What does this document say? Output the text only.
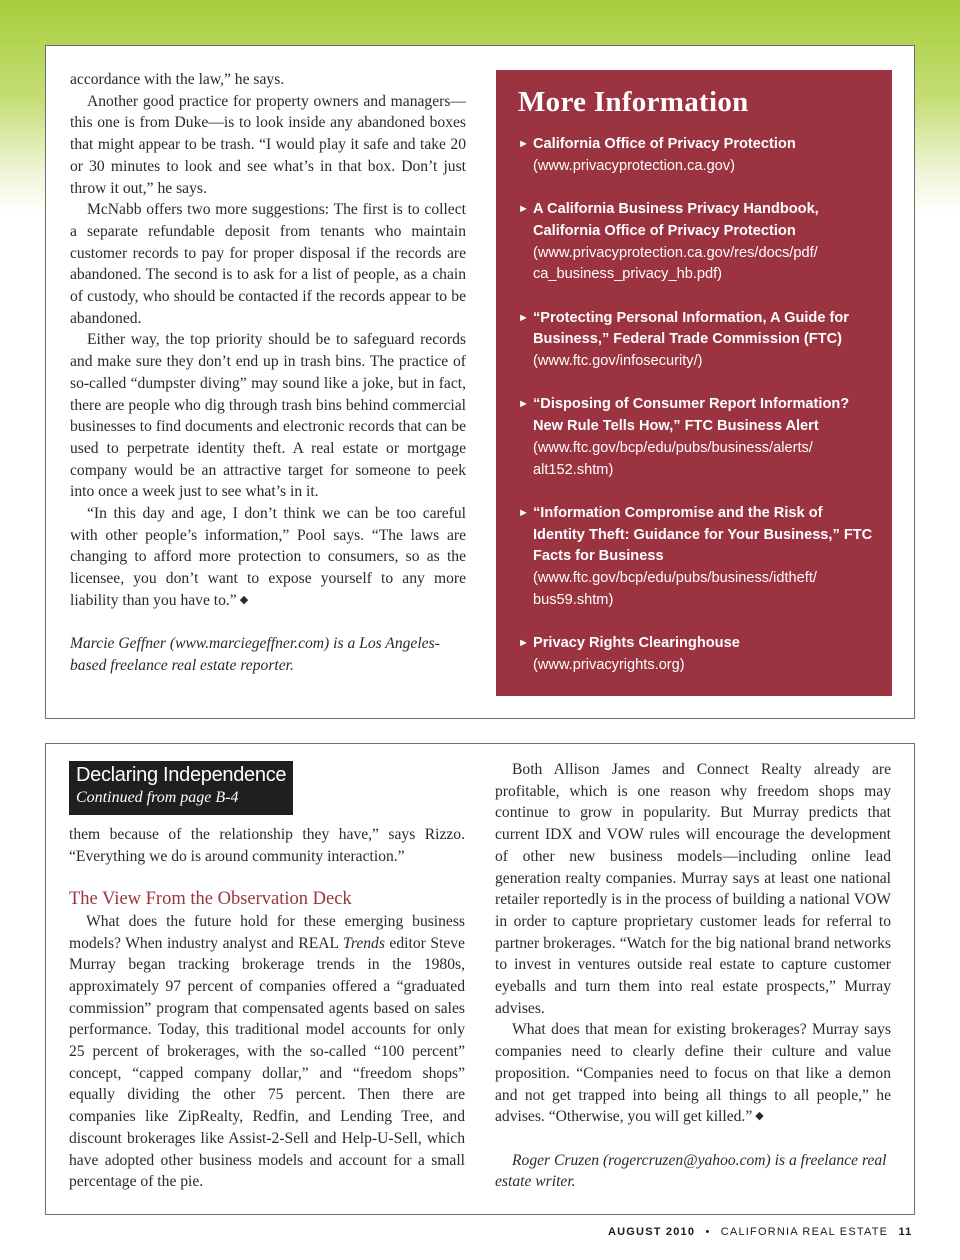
accordance with the law,” he says.

Another good practice for property owners and managers—this one is from Duke—is to look inside any abandoned boxes that might appear to be trash. “I would play it safe and take 20 or 30 minutes to look and see what’s in that box. Don’t just throw it out,” he says.

McNabb offers two more suggestions: The first is to collect a separate refundable deposit from tenants who maintain customer records to pay for proper disposal if the records are abandoned. The second is to ask for a list of people, as a chain of custody, who should be contacted if the records appear to be abandoned.

Either way, the top priority should be to safeguard records and make sure they don’t end up in trash bins. The practice of so-called “dumpster diving” may sound like a joke, but in fact, there are people who dig through trash bins behind commercial businesses to find documents and electronic records that can be used to perpetrate identity theft. A real estate or mortgage company would be an attractive target for someone to peek into once a week just to see what’s in it.

“In this day and age, I don’t think we can be too careful with other people’s information,” Pool says. “The laws are changing to afford more protection to consumers, so as the licensee, you don’t want to expose yourself to any more liability than you have to.” ◆

Marcie Geffner (www.marciegeffner.com) is a Los Angeles-based freelance real estate reporter.

More Information
► California Office of Privacy Protection
(www.privacyprotection.ca.gov)
► A California Business Privacy Handbook, California Office of Privacy Protection
(www.privacyprotection.ca.gov/res/docs/pdf/ ca_business_privacy_hb.pdf)
► “Protecting Personal Information, A Guide for Business,” Federal Trade Commission (FTC)
(www.ftc.gov/infosecurity/)
► “Disposing of Consumer Report Information? New Rule Tells How,” FTC Business Alert
(www.ftc.gov/bcp/edu/pubs/business/alerts/ alt152.shtm)
► “Information Compromise and the Risk of Identity Theft: Guidance for Your Business,” FTC Facts for Business
(www.ftc.gov/bcp/edu/pubs/business/idtheft/ bus59.shtm)
► Privacy Rights Clearinghouse
(www.privacyrights.org)
Declaring Independence
Continued from page B-4

them because of the relationship they have,” says Rizzo. “Everything we do is around community interaction.”

The View From the Observation Deck

What does the future hold for these emerging business models? When industry analyst and REAL Trends editor Steve Murray began tracking brokerage trends in the 1980s, approximately 97 percent of companies offered a “graduated commission” program that compensated agents based on sales performance. Today, this traditional model accounts for only 25 percent of brokerages, with the so-called “100 percent” concept, “capped company dollar,” and “freedom shops” equally dividing the other 75 percent. Then there are companies like ZipRealty, Redfin, and Lending Tree, and discount brokerages like Assist-2-Sell and Help-U-Sell, which have adopted other business models and account for a small percentage of the pie.

Both Allison James and Connect Realty already are profitable, which is one reason why freedom shops may continue to grow in popularity. But Murray predicts that current IDX and VOW rules will encourage the development of other new business models—including online lead generation realty companies. Murray says at least one national retailer reportedly is in the process of building a national VOW in order to capture proprietary customer leads for referral to partner brokerages. “Watch for the big national brand networks to invest in ventures outside real estate to capture customer eyeballs and turn them into real estate prospects,” Murray advises.

What does that mean for existing brokerages? Murray says companies need to clearly define their culture and value proposition. “Companies need to focus on that like a demon and not get trapped into being all things to all people,” he advises. “Otherwise, you will get killed.” ◆

Roger Cruzen (rogercruzen@yahoo.com) is a freelance real estate writer.

AUGUST 2010 • CALIFORNIA REAL ESTATE 11
